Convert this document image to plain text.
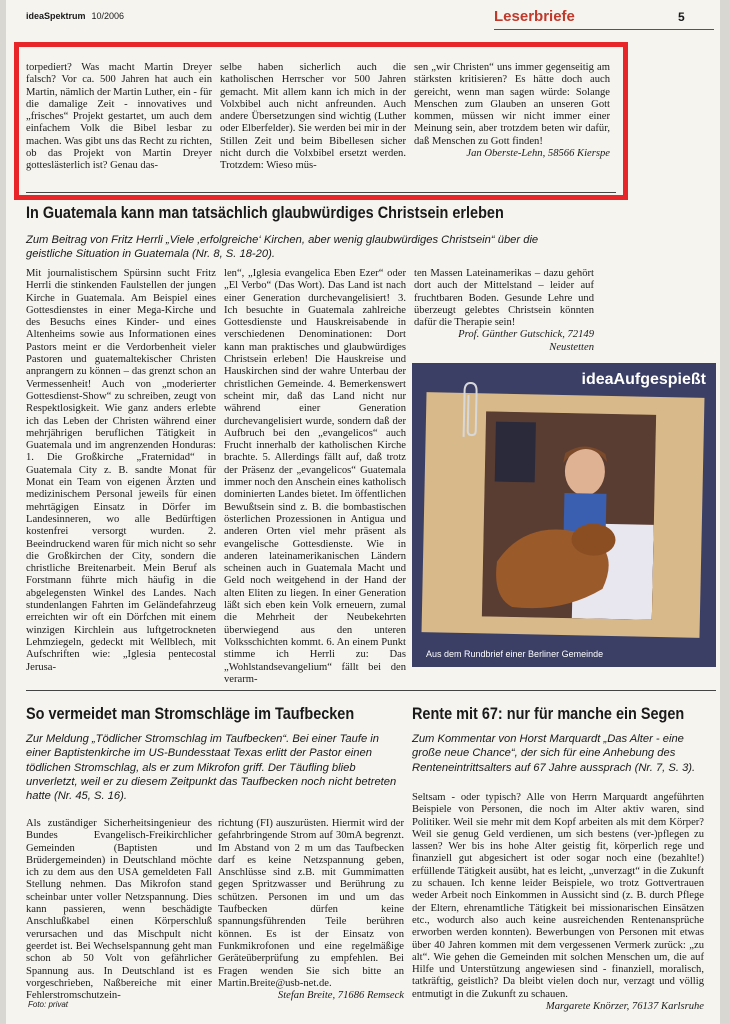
ideaSpektrum 10/2006	Leserbriefe	5
torpediert? Was macht Martin Dreyer falsch? Vor ca. 500 Jahren hat auch ein Martin, nämlich der Martin Luther, ein - für die damalige Zeit - innovatives und „frisches“ Projekt gestartet, um auch dem einfachem Volk die Bibel lesbar zu machen. Was gibt uns das Recht zu richten, ob das Projekt von Martin Dreyer gotteslästerlich ist? Genau das-
selbe haben sicherlich auch die katholischen Herrscher vor 500 Jahren gemacht. Mit allem kann ich mich in der Volxbibel auch nicht anfreunden. Auch andere Übersetzungen sind wichtig (Luther oder Elberfelder). Sie werden bei mir in der Stillen Zeit und beim Bibellesen sicher nicht durch die Volxbibel ersetzt werden. Trotzdem: Wieso müs-
sen „wir Christen“ uns immer gegenseitig am stärksten kritisieren? Es hätte doch auch gereicht, wenn man sagen würde: Solange Menschen zum Glauben an unseren Gott kommen, müssen wir nicht immer einer Meinung sein, aber trotzdem beten wir dafür, daß Menschen zu Gott finden!
Jan Oberste-Lehn, 58566 Kierspe
In Guatemala kann man tatsächlich glaubwürdiges Christsein erleben
Zum Beitrag von Fritz Herrli „Viele ‚erfolgreiche‘ Kirchen, aber wenig glaubwürdiges Christsein“ über die geistliche Situation in Guatemala (Nr. 8, S. 18-20).
Mit journalistischem Spürsinn sucht Fritz Herrli die stinkenden Faulstellen der jungen Kirche in Guatemala. Am Beispiel eines Gottesdienstes in einer Mega-Kirche und des Besuchs eines Kinder- und eines Altenheims sowie aus Informationen eines Pastors meint er die Verdorbenheit vieler Pastoren und guatemaltekischer Christen anprangern zu können – das grenzt schon an Vermessenheit! Auch von „moderierter Gottesdienst-Show“ zu schreiben, zeugt von Respektlosigkeit. Wie ganz anders erlebte ich das Leben der Christen während einer mehrjährigen beruflichen Tätigkeit in Guatemala und im angrenzenden Honduras: 1. Die Großkirche „Fraternidad“ in Guatemala City z. B. sandte Monat für Monat ein Team von eigenen Ärzten und medizinischem Personal jeweils für einen mehrtägigen Einsatz in Dörfer im Landesinneren, wo alle Bedürftigen kostenfrei versorgt wurden. 2. Beeindruckend waren für mich nicht so sehr die Großkirchen der City, sondern die christliche Breitenarbeit. Mein Beruf als Forstmann führte mich häufig in die abgelegensten Winkel des Landes. Nach stundenlangen Fahrten im Geländefahrzeug erreichten wir oft ein Dörfchen mit einem winzigen Kirchlein aus luftgetrockneten Lehmziegeln, gedeckt mit Wellblech, mit Aufschriften wie: „Iglesia pentecostal Jerusa-
len“, „Iglesia evangelica Eben Ezer“ oder „El Verbo“ (Das Wort). Das Land ist nach einer Generation durchevangelisiert! 3. Ich besuchte in Guatemala zahlreiche Gottesdienste und Hauskreisabende in verschiedenen Denominationen: Dort kann man praktisches und glaubwürdiges Christsein erleben! Die Hauskreise und Hauskirchen sind der wahre Unterbau der christlichen Gemeinde. 4. Bemerkenswert scheint mir, daß das Land nicht nur während einer Generation durchevangelisiert wurde, sondern daß der Aufbruch bei den „evangelicos“ auch Frucht innerhalb der katholischen Kirche brachte. 5. Allerdings fällt auf, daß trotz der Präsenz der „evangelicos“ Guatemala immer noch den Anschein eines katholisch dominierten Landes bietet. Im öffentlichen Bewußtsein sind z. B. die bombastischen österlichen Prozessionen in Antigua und anderen Orten viel mehr präsent als evangelische Gottesdienste. Wie in anderen lateinamerikanischen Ländern scheinen auch in Guatemala Macht und Geld noch weitgehend in der Hand der alten Eliten zu liegen. In einer Generation läßt sich eben kein Volk erneuern, zumal die Mehrheit der Neubekehrten überwiegend aus den unteren Volksschichten kommt. 6. An einem Punkt stimme ich Herrli zu: Das „Wohlstandsevangelium“ fällt bei den verarm-
ten Massen Lateinamerikas – dazu gehört dort auch der Mittelstand – leider auf fruchtbaren Boden. Gesunde Lehre und überzeugt gelebtes Christsein könnten dafür die Therapie sein!
Prof. Günther Gutschick, 72149 Neustetten
ideaAufgespießt
Aus dem Rundbrief einer Berliner Gemeinde
So vermeidet man Stromschläge im Taufbecken
Zur Meldung „Tödlicher Stromschlag im Taufbecken“. Bei einer Taufe in einer Baptistenkirche im US-Bundesstaat Texas erlitt der Pastor einen tödlichen Stromschlag, als er zum Mikrofon griff. Der Täufling blieb unverletzt, weil er zu diesem Zeitpunkt das Taufbecken noch nicht betreten hatte (Nr. 45, S. 16).
Als zuständiger Sicherheitsingenieur des Bundes Evangelisch-Freikirchlicher Gemeinden (Baptisten und Brüdergemeinden) in Deutschland möchte ich zu dem aus den USA gemeldeten Fall Stellung nehmen. Das Mikrofon stand scheinbar unter voller Netzspannung. Dies kann passieren, wenn beschädigte Anschlußkabel einen Körperschluß verursachen und das Mischpult nicht geerdet ist. Bei Wechselspannung geht man schon ab 50 Volt von gefährlicher Spannung aus. In Deutschland ist es vorgeschrieben, Naßbereiche mit einer Fehlerstromschutzein-
richtung (FI) auszurüsten. Hiermit wird der gefahrbringende Strom auf 30mA begrenzt. Im Abstand von 2 m um das Taufbecken darf es keine Netzspannung geben, Anschlüsse sind z.B. mit Gummimatten gegen Spritzwasser und Berührung zu schützen. Personen im und um das Taufbecken dürfen keine spannungsführenden Teile berühren können. Es ist der Einsatz von Funkmikrofonen und eine regelmäßige Geräteüberprüfung zu empfehlen. Bei Fragen wenden Sie sich bitte an Martin.Breite@usb-net.de.
Stefan Breite, 71686 Remseck
Rente mit 67: nur für manche ein Segen
Zum Kommentar von Horst Marquardt „Das Alter - eine große neue Chance“, der sich für eine Anhebung des Renteneintrittsalters auf 67 Jahre aussprach (Nr. 7, S. 3).
Seltsam - oder typisch? Alle von Herrn Marquardt angeführten Beispiele von Personen, die noch im Alter aktiv waren, sind Politiker. Weil sie mehr mit dem Kopf arbeiten als mit dem Körper? Weil sie genug Geld verdienen, um sich bestens (ver-)pflegen zu lassen? Wer bis ins hohe Alter geistig fit, körperlich rege und finanziell gut abgesichert ist oder sogar noch eine (bezahlte!) erfüllende Tätigkeit ausübt, hat es leicht, „unverzagt“ in die Zukunft zu schauen. Ich kenne leider Beispiele, wo trotz Gottvertrauen weder Arbeit noch Einkommen in Aussicht sind (z. B. durch Pflege der Eltern, ehrenamtliche Tätigkeit bei missionarischen Einsätzen etc., wodurch also auch keine ausreichenden Rentenansprüche erworben werden konnten). Bewerbungen von Personen mit etwas über 40 Jahren kommen mit dem vergessenen Vermerk zurück: „zu alt“. Wie gehen die Gemeinden mit solchen Menschen um, die auf Hilfe und Unterstützung angewiesen sind - finanziell, moralisch, tatkräftig, geistlich? Da bleibt vielen doch nur, verzagt und völlig entmutigt in die Zukunft zu schauen.
Margarete Knörzer, 76137 Karlsruhe
Foto: privat
